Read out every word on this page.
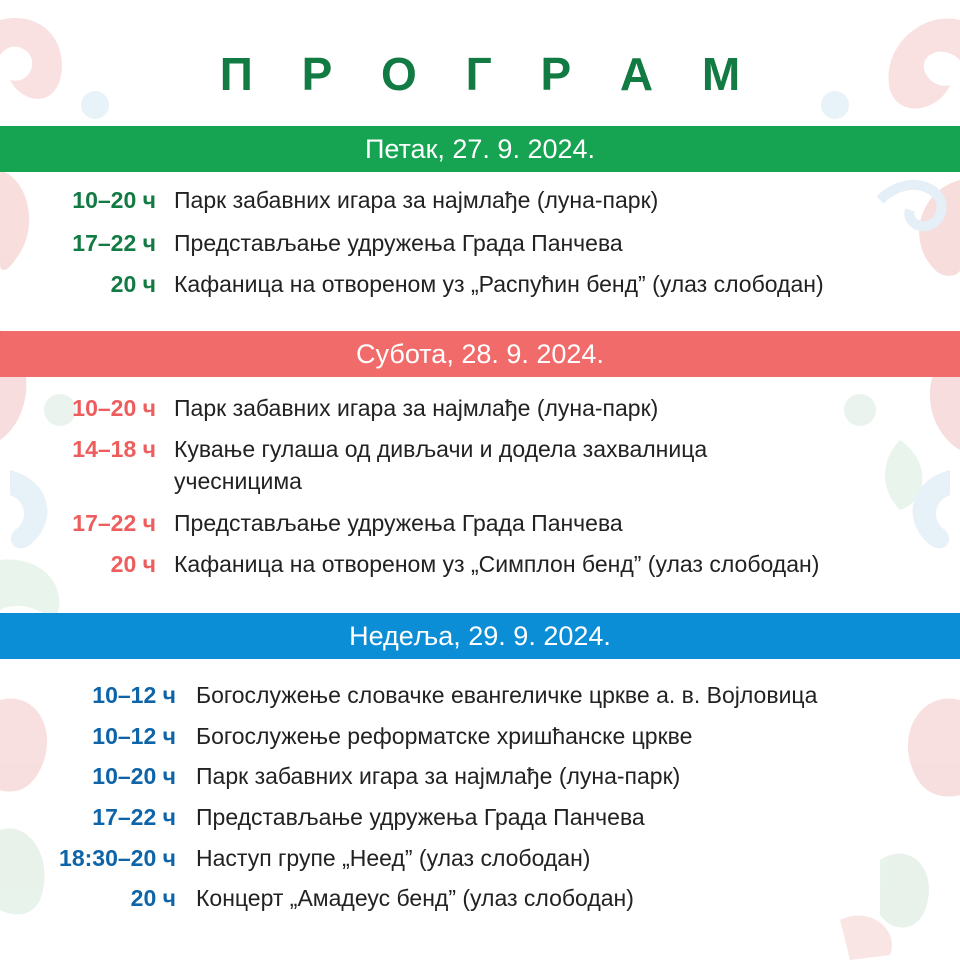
П Р О Г Р А М
Петак, 27. 9. 2024.
10–20 ч Парк забавних игара за најмлађе (луна-парк)
17–22 ч Представљање удружења Града Панчева
20 ч Кафаница на отвореном уз „Распућин бенд” (улаз слободан)
Субота, 28. 9. 2024.
10–20 ч Парк забавних игара за најмлађе (луна-парк)
14–18 ч Кување гулаша од дивљачи и додела захвалница учесницима
17–22 ч Представљање удружења Града Панчева
20 ч Кафаница на отвореном уз „Симплон бенд” (улаз слободан)
Недеља, 29. 9. 2024.
10–12 ч Богослужење словачке евангеличке цркве а. в. Војловица
10–12 ч Богослужење реформатске хришћанске цркве
10–20 ч Парк забавних игара за најмлађе (луна-парк)
17–22 ч Представљање удружења Града Панчева
18:30–20 ч Наступ групе „Неед” (улаз слободан)
20 ч Концерт „Амадеус бенд” (улаз слободан)
